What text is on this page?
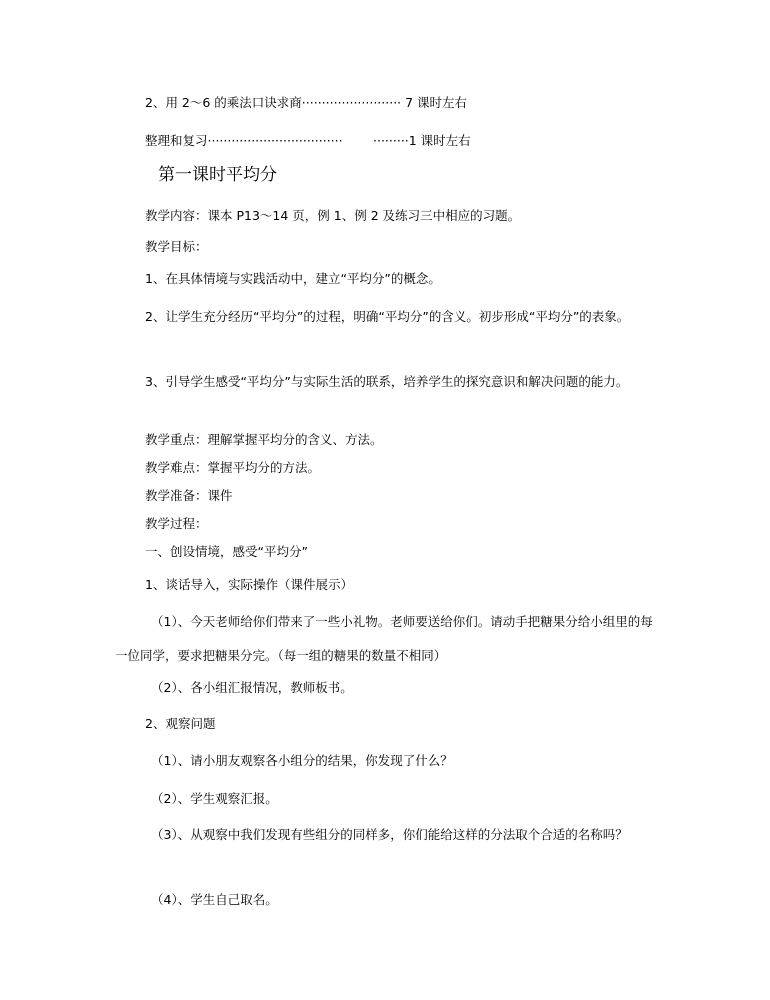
2、用 2～6 的乘法口诀求商························· 7 课时左右
整理和复习·································· ·········1 课时左右
第一课时平均分
教学内容：课本 P13～14 页，例 1、例 2 及练习三中相应的习题。
教学目标：
1、在具体情境与实践活动中，建立“平均分”的概念。
2、让学生充分经历“平均分”的过程，明确“平均分”的含义。初步形成“平均分”的表象。
3、引导学生感受“平均分”与实际生活的联系，培养学生的探究意识和解决问题的能力。
教学重点：理解掌握平均分的含义、方法。
教学难点：掌握平均分的方法。
教学准备：课件
教学过程：
一、创设情境，感受“平均分”
1、谈话导入，实际操作（课件展示）
（1）、今天老师给你们带来了一些小礼物。老师要送给你们。请动手把糖果分给小组里的每一位同学，要求把糖果分完。（每一组的糖果的数量不相同）
（2）、各小组汇报情况，教师板书。
2、观察问题
（1）、请小朋友观察各小组分的结果，你发现了什么？
（2）、学生观察汇报。
（3）、从观察中我们发现有些组分的同样多，你们能给这样的分法取个合适的名称吗？
（4）、学生自己取名。
